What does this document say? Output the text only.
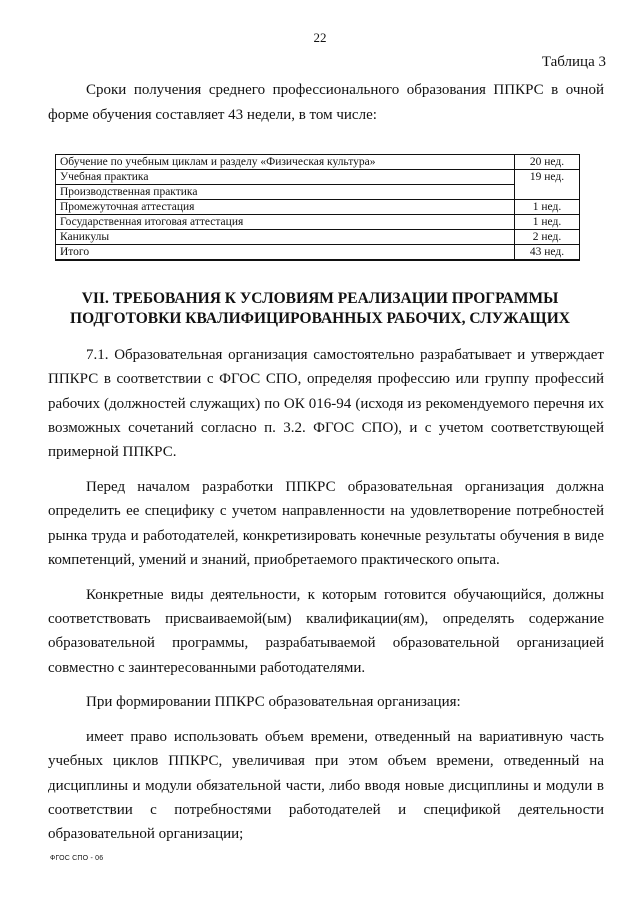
22
Таблица 3

Сроки получения среднего профессионального образования ППКРС в очной форме обучения составляет 43 недели, в том числе:

Обучение по учебным циклам и разделу «Физическая культура»	20 нед.
Учебная практика	19 нед.
Производственная практика	
Промежуточная аттестация	1 нед.
Государственная итоговая аттестация	1 нед.
Каникулы	2 нед.
Итого	43 нед.
VII. ТРЕБОВАНИЯ К УСЛОВИЯМ РЕАЛИЗАЦИИ ПРОГРАММЫ
ПОДГОТОВКИ КВАЛИФИЦИРОВАННЫХ РАБОЧИХ, СЛУЖАЩИХ

7.1. Образовательная организация самостоятельно разрабатывает и утверждает ППКРС в соответствии с ФГОС СПО, определяя профессию или группу профессий рабочих (должностей служащих) по ОК 016-94 (исходя из рекомендуемого перечня их возможных сочетаний согласно п. 3.2. ФГОС СПО), и с учетом соответствующей примерной ППКРС.

Перед началом разработки ППКРС образовательная организация должна определить ее специфику с учетом направленности на удовлетворение потребностей рынка труда и работодателей, конкретизировать конечные результаты обучения в виде компетенций, умений и знаний, приобретаемого практического опыта.

Конкретные виды деятельности, к которым готовится обучающийся, должны соответствовать присваиваемой(ым) квалификации(ям), определять содержание образовательной программы, разрабатываемой образовательной организацией совместно с заинтересованными работодателями.

При формировании ППКРС образовательная организация:

имеет право использовать объем времени, отведенный на вариативную часть учебных циклов ППКРС, увеличивая при этом объем времени, отведенный на дисциплины и модули обязательной части, либо вводя новые дисциплины и модули в соответствии с потребностями работодателей и спецификой деятельности образовательной организации;

ФГОС СПО - 06
